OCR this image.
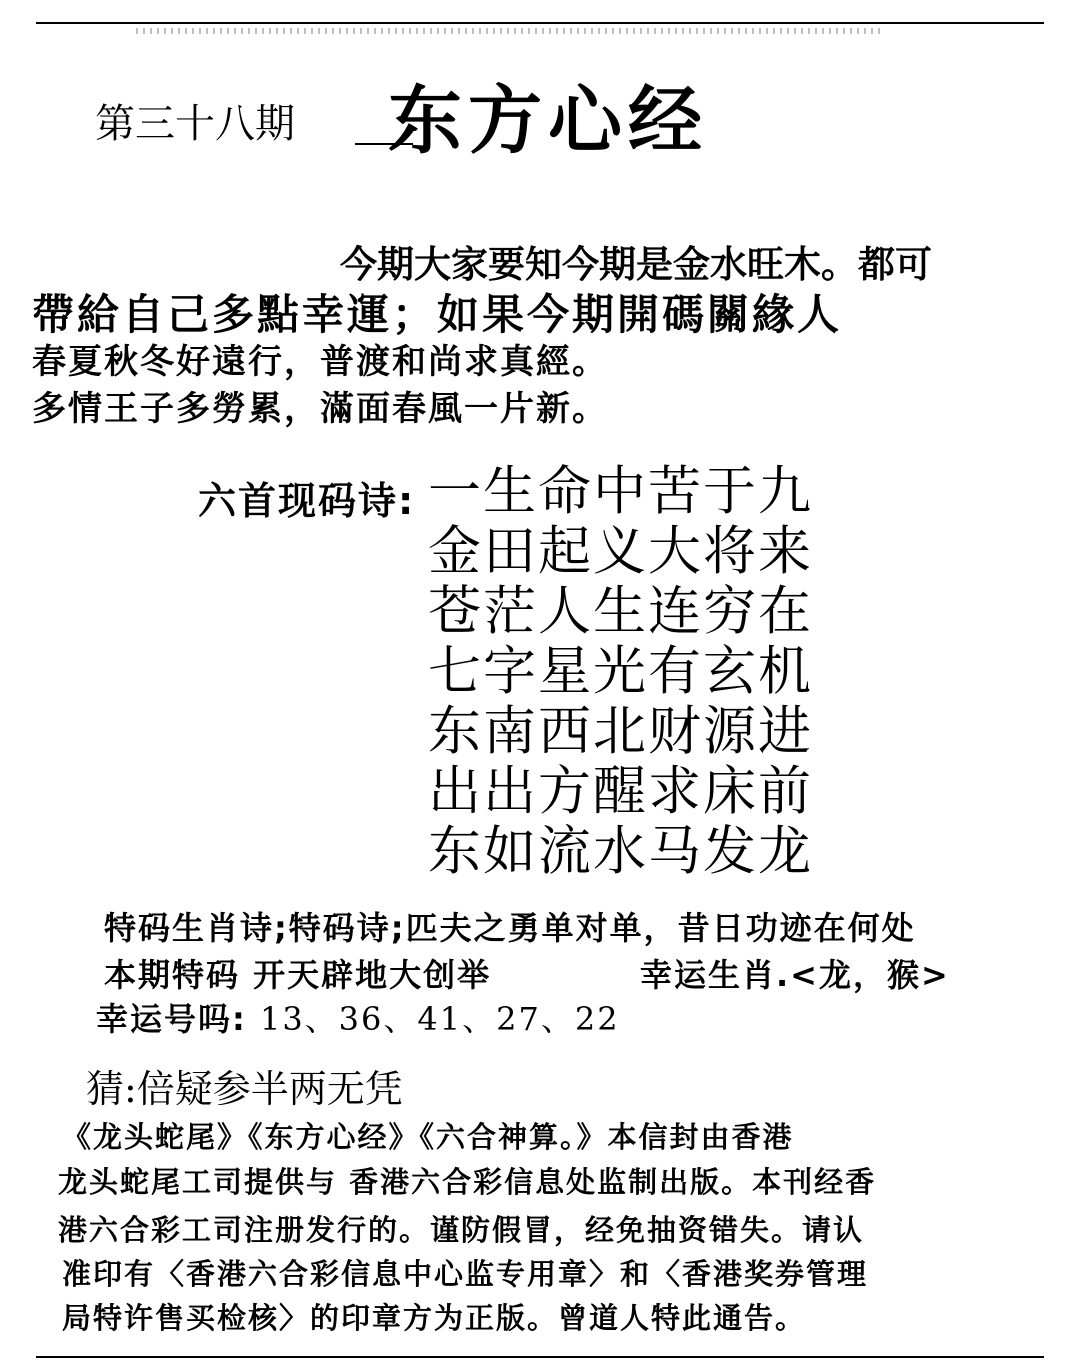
第三十八期 东方心经
今期大家要知今期是金水旺木。都可
帶給自己多點幸運；如果今期開碼關緣人
春夏秋冬好遠行，普渡和尚求真經。
多情王子多勞累，滿面春風一片新。
六首现码诗: 一生命中苦于九
金田起义大将来
苍茫人生连穷在
七字星光有玄机
东南西北财源进
出出方醒求床前
东如流水马发龙
特码生肖诗;特码诗;匹夫之勇单对单，昔日功迹在何处
本期特码 开天辟地大创举	幸运生肖.<龙，猴>
幸运号吗: 13、36、41、27、22
猜:倍疑参半两无凭
《龙头蛇尾》《东方心经》《六合神算。》本信封由香港
龙头蛇尾工司提供与 香港六合彩信息处监制出版。本刊经香
港六合彩工司注册发行的。谨防假冒，经免抽资错失。请认
准印有〈香港六合彩信息中心监专用章〉和〈香港奖券管理
局特许售买检核〉的印章方为正版。曾道人特此通告。
